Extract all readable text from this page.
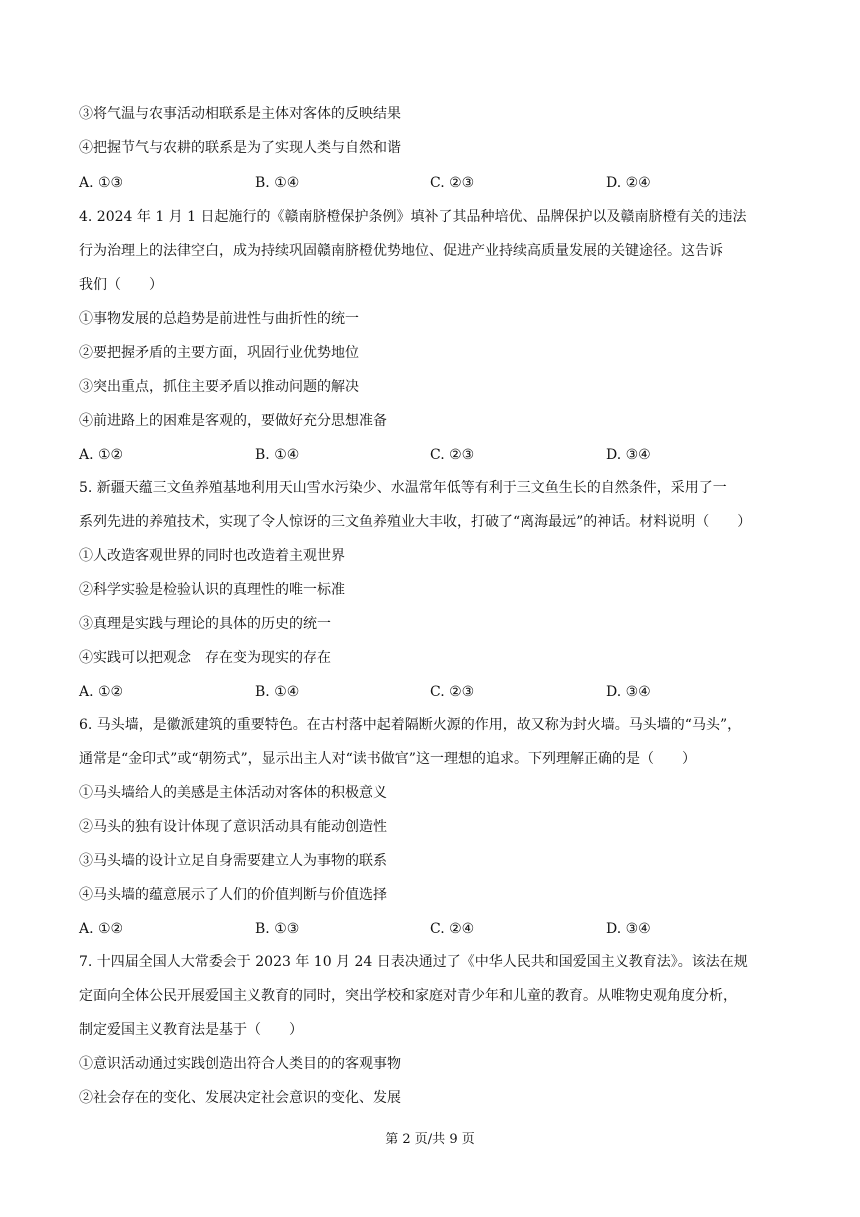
③将气温与农事活动相联系是主体对客体的反映结果
④把握节气与农耕的联系是为了实现人类与自然和谐
A. ①③	B. ①④	C. ②③	D. ②④
4. 2024 年 1 月 1 日起施行的《赣南脐橙保护条例》填补了其品种培优、品牌保护以及赣南脐橙有关的违法
行为治理上的法律空白，成为持续巩固赣南脐橙优势地位、促进产业持续高质量发展的关键途径。这告诉
我们（　　）
①事物发展的总趋势是前进性与曲折性的统一
②要把握矛盾的主要方面，巩固行业优势地位
③突出重点，抓住主要矛盾以推动问题的解决
④前进路上的困难是客观的，要做好充分思想准备
A. ①②	B. ①④	C. ②③	D. ③④
5. 新疆天蕴三文鱼养殖基地利用天山雪水污染少、水温常年低等有利于三文鱼生长的自然条件，采用了一
系列先进的养殖技术，实现了令人惊讶的三文鱼养殖业大丰收，打破了“离海最远”的神话。材料说明（　　）
①人改造客观世界的同时也改造着主观世界
②科学实验是检验认识的真理性的唯一标准
③真理是实践与理论的具体的历史的统一
④实践可以把观念　存在变为现实的存在
A. ①②	B. ①④	C. ②③	D. ③④
6. 马头墙，是徽派建筑的重要特色。在古村落中起着隔断火源的作用，故又称为封火墙。马头墙的“马头”，
通常是“金印式”或“朝笏式”，显示出主人对“读书做官”这一理想的追求。下列理解正确的是（　　）
①马头墙给人的美感是主体活动对客体的积极意义
②马头的独有设计体现了意识活动具有能动创造性
③马头墙的设计立足自身需要建立人为事物的联系
④马头墙的蕴意展示了人们的价值判断与价值选择
A. ①②	B. ①③	C. ②④	D. ③④
7. 十四届全国人大常委会于 2023 年 10 月 24 日表决通过了《中华人民共和国爱国主义教育法》。该法在规
定面向全体公民开展爱国主义教育的同时，突出学校和家庭对青少年和儿童的教育。从唯物史观角度分析，
制定爱国主义教育法是基于（　　）
①意识活动通过实践创造出符合人类目的的客观事物
②社会存在的变化、发展决定社会意识的变化、发展
第 2 页/共 9 页
